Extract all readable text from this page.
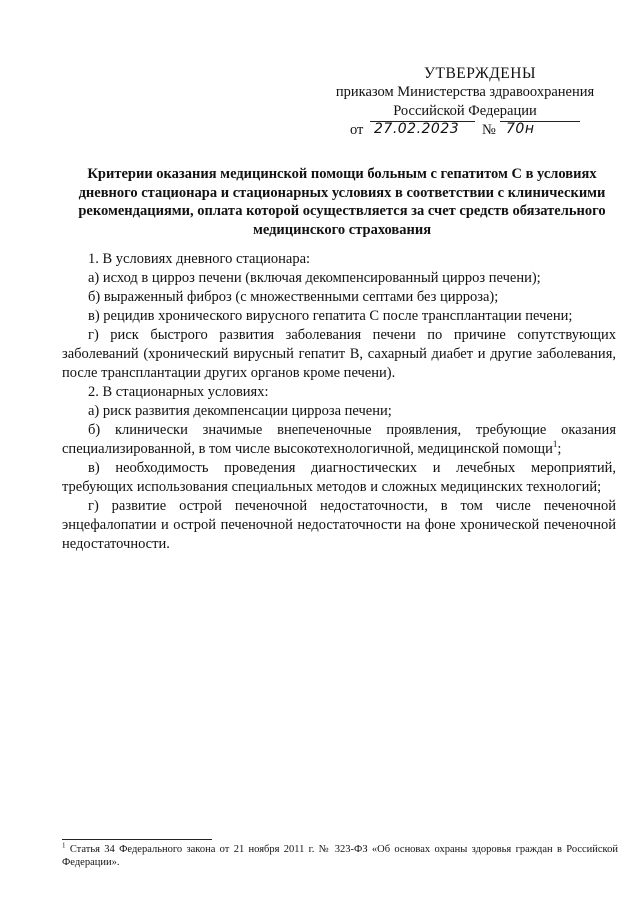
УТВЕРЖДЕНЫ
приказом Министерства здравоохранения
Российской Федерации
от 27.02.2023 № 70н
Критерии оказания медицинской помощи больным с гепатитом С в условиях дневного стационара и стационарных условиях в соответствии с клиническими рекомендациями, оплата которой осуществляется за счет средств обязательного медицинского страхования

1. В условиях дневного стационара:

а) исход в цирроз печени (включая декомпенсированный цирроз печени);

б) выраженный фиброз (с множественными септами без цирроза);

в) рецидив хронического вирусного гепатита С после трансплантации печени;

г) риск быстрого развития заболевания печени по причине сопутствующих заболеваний (хронический вирусный гепатит В, сахарный диабет и другие заболевания, после трансплантации других органов кроме печени).

2. В стационарных условиях:

а) риск развития декомпенсации цирроза печени;

б) клинически значимые внепеченочные проявления, требующие оказания специализированной, в том числе высокотехнологичной, медицинской помощи$^1$;

в) необходимость проведения диагностических и лечебных мероприятий, требующих использования специальных методов и сложных медицинских технологий;

г) развитие острой печеночной недостаточности, в том числе печеночной энцефалопатии и острой печеночной недостаточности на фоне хронической печеночной недостаточности.

$^1$ Статья 34 Федерального закона от 21 ноября 2011 г. № 323-ФЗ «Об основах охраны здоровья граждан в Российской Федерации».
